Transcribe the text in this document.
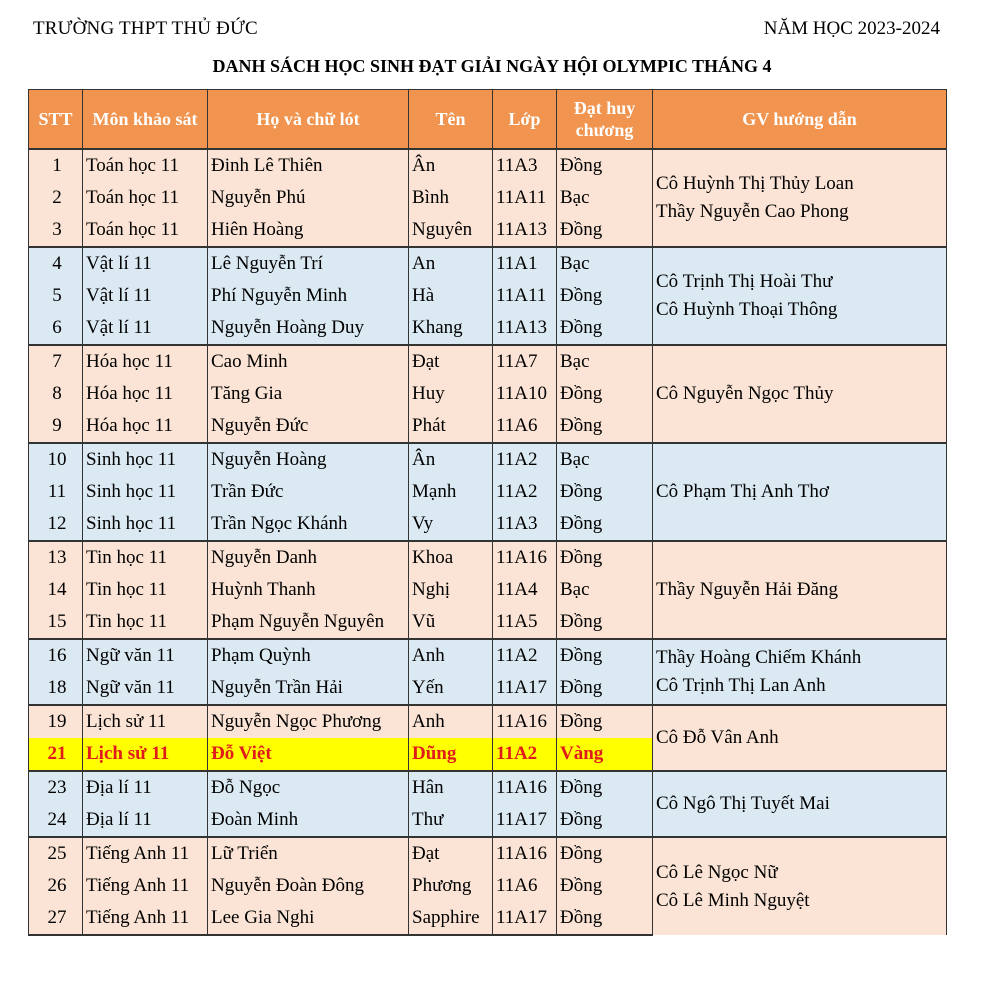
TRƯỜNG THPT THỦ ĐỨC	NĂM HỌC 2023-2024
DANH SÁCH HỌC SINH ĐẠT GIẢI NGÀY HỘI OLYMPIC THÁNG 4
STT	Môn khảo sát	Họ và chữ lót	Tên	Lớp	Đạt huy
chương	GV hướng dẫn
1	Toán học 11	Đinh Lê Thiên	Ân	11A3	Đồng	Cô Huỳnh Thị Thủy Loan
Thầy Nguyễn Cao Phong

2	Toán học 11	Nguyễn Phú	Bình	11A11	Bạc	
3	Toán học 11	Hiên Hoàng	Nguyên	11A13	Đồng	
4	Vật lí 11	Lê Nguyễn Trí	An	11A1	Bạc	Cô Trịnh Thị Hoài Thư
Cô Huỳnh Thoại Thông

5	Vật lí 11	Phí Nguyễn Minh	Hà	11A11	Đồng	
6	Vật lí 11	Nguyễn Hoàng Duy	Khang	11A13	Đồng	
7	Hóa học 11	Cao Minh	Đạt	11A7	Bạc	Cô Nguyễn Ngọc Thủy

8	Hóa học 11	Tăng Gia	Huy	11A10	Đồng	
9	Hóa học 11	Nguyễn Đức	Phát	11A6	Đồng	
10	Sinh học 11	Nguyễn Hoàng	Ân	11A2	Bạc	Cô Phạm Thị Anh Thơ

11	Sinh học 11	Trần Đức	Mạnh	11A2	Đồng	
12	Sinh học 11	Trần Ngọc Khánh	Vy	11A3	Đồng	
13	Tin học 11	Nguyễn Danh	Khoa	11A16	Đồng	Thầy Nguyễn Hải Đăng

14	Tin học 11	Huỳnh Thanh	Nghị	11A4	Bạc	
15	Tin học 11	Phạm Nguyễn Nguyên	Vũ	11A5	Đồng	
16	Ngữ văn 11	Phạm Quỳnh	Anh	11A2	Đồng	Thầy Hoàng Chiếm Khánh
Cô Trịnh Thị Lan Anh

18	Ngữ văn 11	Nguyễn Trần Hải	Yến	11A17	Đồng	
19	Lịch sử 11	Nguyễn Ngọc Phương	Anh	11A16	Đồng	Cô Đỗ Vân Anh

21	Lịch sử 11	Đỗ Việt	Dũng	11A2	Vàng	
23	Địa lí 11	Đỗ Ngọc	Hân	11A16	Đồng	Cô Ngô Thị Tuyết Mai

24	Địa lí 11	Đoàn Minh	Thư	11A17	Đồng	
25	Tiếng Anh 11	Lữ Triển	Đạt	11A16	Đồng	Cô Lê Ngọc Nữ
Cô Lê Minh Nguyệt

26	Tiếng Anh 11	Nguyễn Đoàn Đông	Phương	11A6	Đồng	
27	Tiếng Anh 11	Lee Gia Nghi	Sapphire	11A17	Đồng	
